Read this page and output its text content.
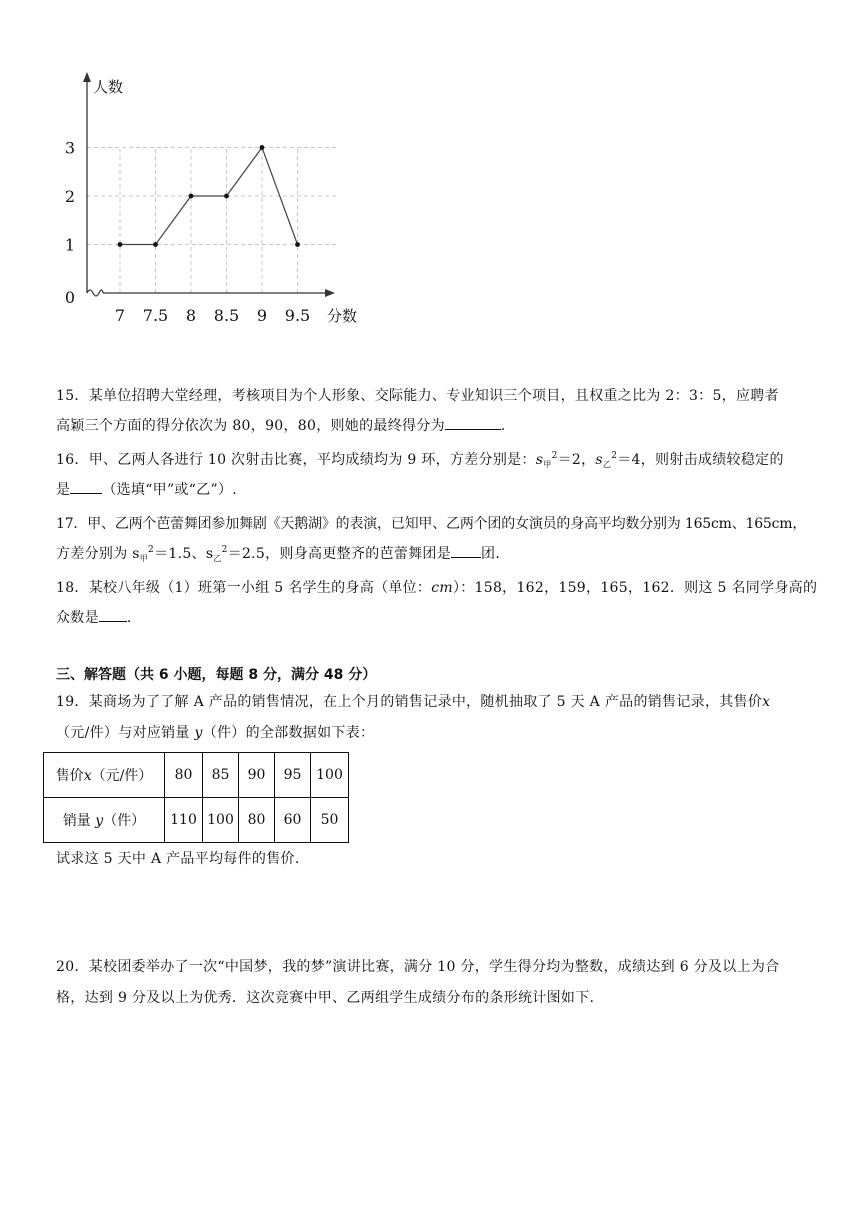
7 7.5 8 8.5 9 9.5
1
2
3
0
人数
分数
15．某单位招聘大堂经理，考核项目为个人形象、交际能力、专业知识三个项目，且权重之比为 2：3：5，应聘者
高颖三个方面的得分依次为 80，90，80，则她的最终得分为	.
16．甲、乙两人各进行 10 次射击比赛，平均成绩均为 9 环，方差分别是：$s_甲^2=2$，$s_乙^2=4$，则射击成绩较稳定的
是 （选填“甲”或“乙”）.
17．甲、乙两个芭蕾舞团参加舞剧《天鹅湖》的表演，已知甲、乙两个团的女演员的身高平均数分别为 165cm、165cm，
方差分别为 $s_甲^2=1.5$、$s_乙^2=2.5$，则身高更整齐的芭蕾舞团是 团.
18．某校八年级（1）班第一小组 5 名学生的身高（单位：cm）：158，162，159，165，162．则这 5 名同学身高的
众数是 .
三、解答题（共 6 小题，每题 8 分，满分 48 分）
19．某商场为了了解 A 产品的销售情况，在上个月的销售记录中，随机抽取了 5 天 A 产品的销售记录，其售价x
（元/件）与对应销量 y（件）的全部数据如下表：
售价x（元/件）	80	85	90	95	100
销量 y（件）	110	100	80	60	50
试求这 5 天中 A 产品平均每件的售价.
20．某校团委举办了一次“中国梦，我的梦”演讲比赛，满分 10 分，学生得分均为整数，成绩达到 6 分及以上为合
格，达到 9 分及以上为优秀．这次竞赛中甲、乙两组学生成绩分布的条形统计图如下.
